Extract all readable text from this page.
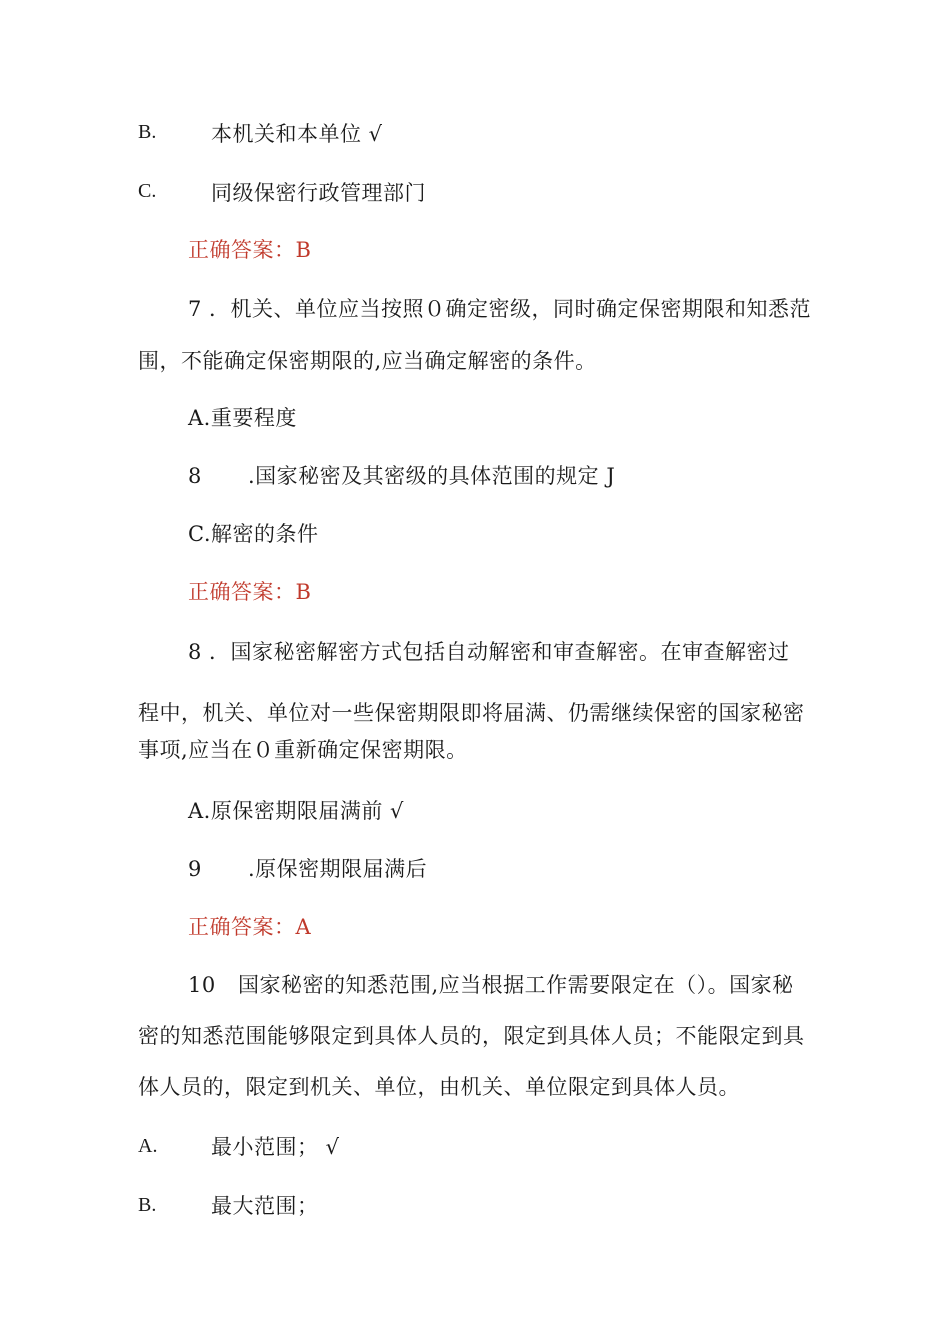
B.	本机关和本单位 √
C.	同级保密行政管理部门
正确答案：B
7 ．机关、单位应当按照０确定密级，同时确定保密期限和知悉范
围，不能确定保密期限的,应当确定解密的条件。
A.重要程度
8 .国家秘密及其密级的具体范围的规定 J
C.解密的条件
正确答案：B
8 ．国家秘密解密方式包括自动解密和审查解密。在审查解密过
程中，机关、单位对一些保密期限即将届满、仍需继续保密的国家秘密
事项,应当在０重新确定保密期限。
A.原保密期限届满前 √
9 .原保密期限届满后
正确答案：A
10 国家秘密的知悉范围,应当根据工作需要限定在（）。国家秘
密的知悉范围能够限定到具体人员的，限定到具体人员；不能限定到具
体人员的，限定到机关、单位，由机关、单位限定到具体人员。
A.	最小范围； √
B.	最大范围；
